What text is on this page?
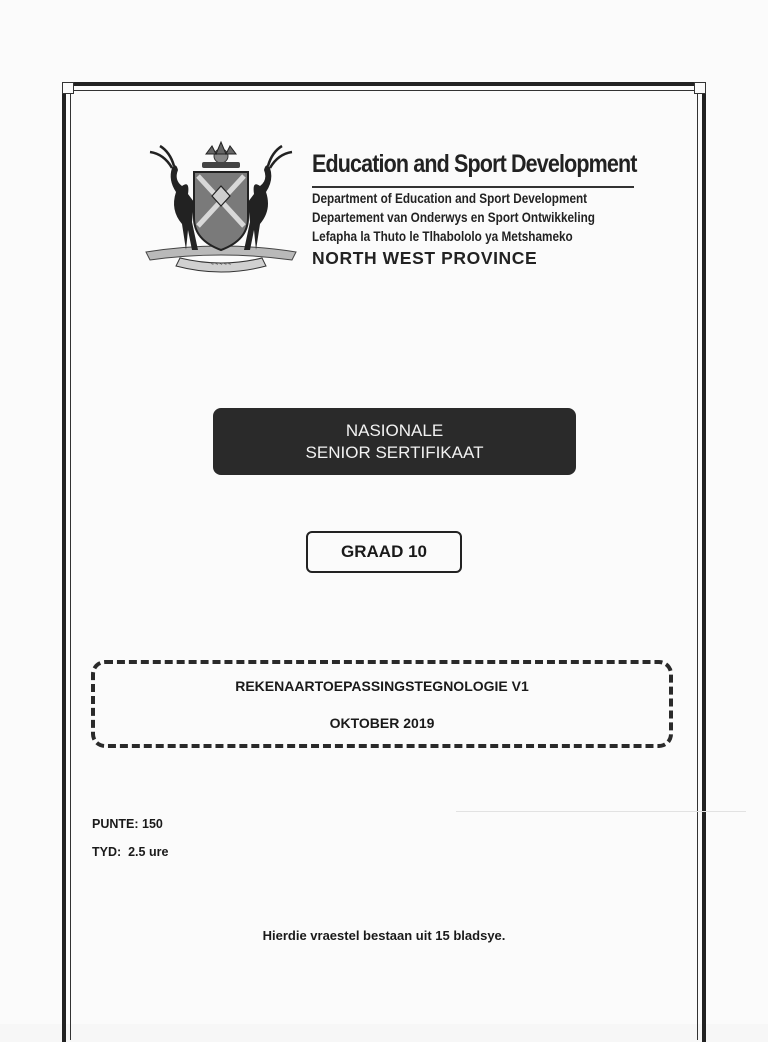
~ ~ ~ ~ ~
Education and Sport Development
Department of Education and Sport Development
Departement van Onderwys en Sport Ontwikkeling
Lefapha la Thuto le Tlhabololo ya Metshameko
NORTH WEST PROVINCE
NASIONALE
SENIOR SERTIFIKAAT
GRAAD 10
REKENAARTOEPASSINGSTEGNOLOGIE V1
OKTOBER 2019
PUNTE: 150
TYD:  2.5 ure
Hierdie vraestel bestaan uit 15 bladsye.
